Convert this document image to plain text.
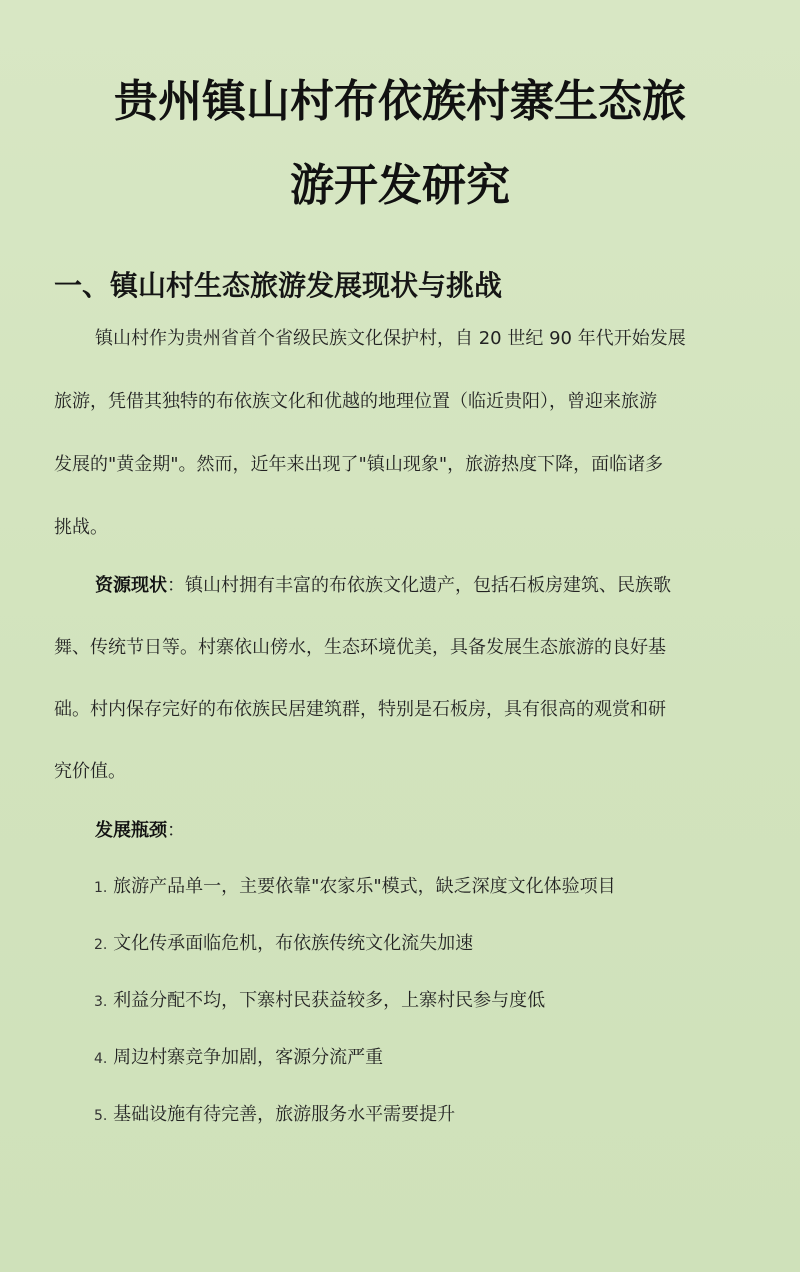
贵州镇山村布依族村寨生态旅
游开发研究
一、镇山村生态旅游发展现状与挑战
镇山村作为贵州省首个省级民族文化保护村，自 20 世纪 90 年代开始发展
旅游，凭借其独特的布依族文化和优越的地理位置（临近贵阳），曾迎来旅游
发展的"黄金期"。然而，近年来出现了"镇山现象"，旅游热度下降，面临诸多
挑战。
资源现状：镇山村拥有丰富的布依族文化遗产，包括石板房建筑、民族歌
舞、传统节日等。村寨依山傍水，生态环境优美，具备发展生态旅游的良好基
础。村内保存完好的布依族民居建筑群，特别是石板房，具有很高的观赏和研
究价值。
发展瓶颈：
1. 旅游产品单一，主要依靠"农家乐"模式，缺乏深度文化体验项目
2. 文化传承面临危机，布依族传统文化流失加速
3. 利益分配不均，下寨村民获益较多，上寨村民参与度低
4. 周边村寨竞争加剧，客源分流严重
5. 基础设施有待完善，旅游服务水平需要提升
